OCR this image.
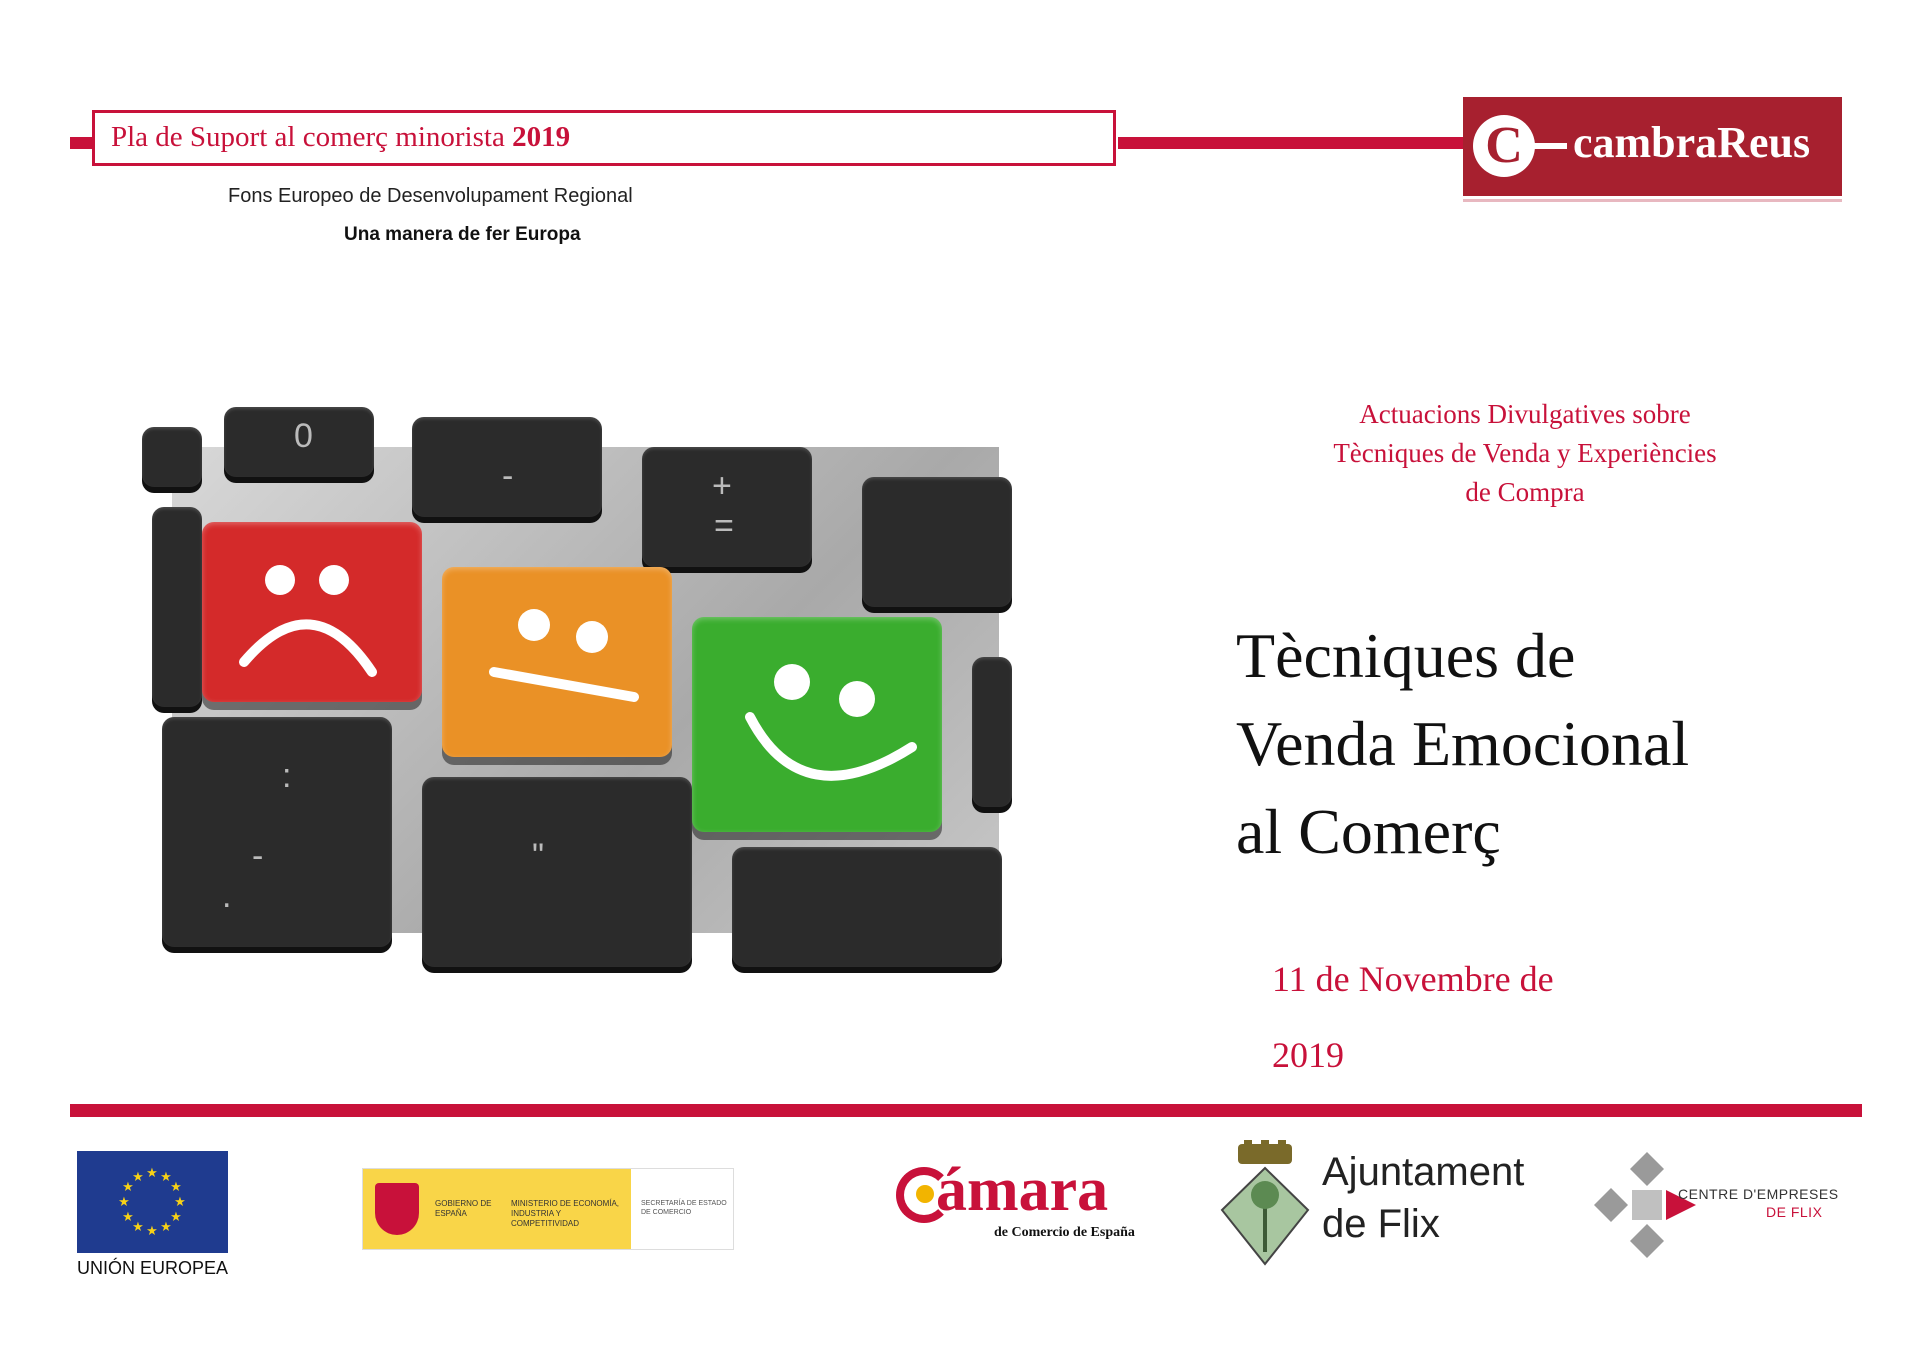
Pla de Suport al comerç minorista 2019	C cambraReus
Fons Europeo de Desenvolupament Regional
Una manera de fer Europa
0
-	+
=
:
-
.
"
Actuacions Divulgatives sobre
Tècniques de Venda y Experiències
de Compra
Tècniques de
Venda Emocional
al Comerç
11 de Novembre de
2019
★ ★
★
★
★
★
★
★
★
★
★
★
UNIÓN EUROPEA
GOBIERNO DE ESPAÑA
MINISTERIO DE ECONOMÍA, INDUSTRIA Y COMPETITIVIDAD
SECRETARÍA DE ESTADO DE COMERCIO	ámara
de Comercio de España
Ajuntament
de Flix
CENTRE D'EMPRESES
DE FLIX
